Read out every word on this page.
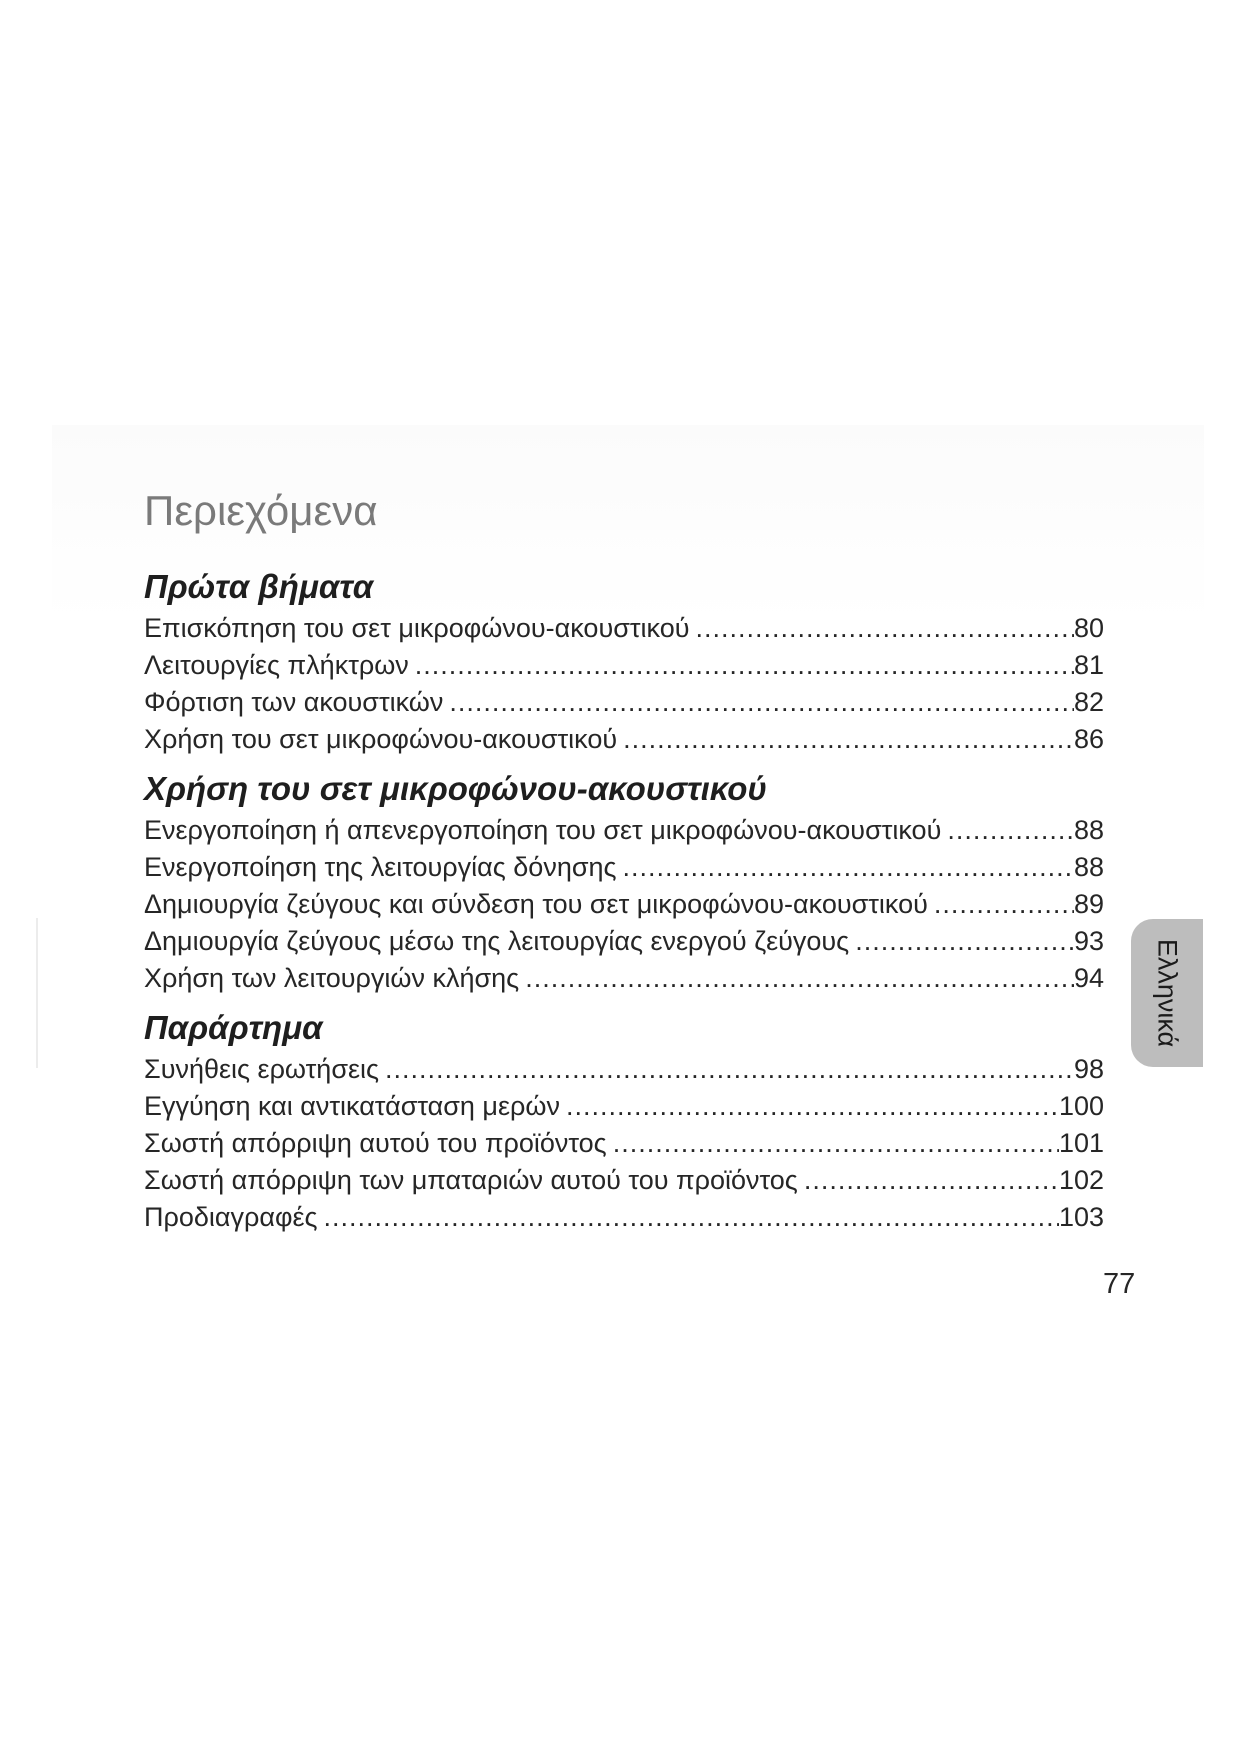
Περιεχόμενα
Πρώτα βήματα
Επισκόπηση του σετ μικροφώνου-ακουστικού .....	80
Λειτουργίες πλήκτρων .....	81
Φόρτιση των ακουστικών .....	82
Χρήση του σετ μικροφώνου-ακουστικού .....	86
Χρήση του σετ μικροφώνου-ακουστικού
Ενεργοποίηση ή απενεργοποίηση του σετ μικροφώνου-ακουστικού .....	88
Ενεργοποίηση της λειτουργίας δόνησης .....	88
Δημιουργία ζεύγους και σύνδεση του σετ μικροφώνου-ακουστικού .....	89
Δημιουργία ζεύγους μέσω της λειτουργίας ενεργού ζεύγους .....	93
Χρήση των λειτουργιών κλήσης .....	94
Παράρτημα
Συνήθεις ερωτήσεις .....	98
Εγγύηση και αντικατάσταση μερών .....	100
Σωστή απόρριψη αυτού του προϊόντος .....	101
Σωστή απόρριψη των μπαταριών αυτού του προϊόντος .....	102
Προδιαγραφές .....	103
Ελληνικά
77
